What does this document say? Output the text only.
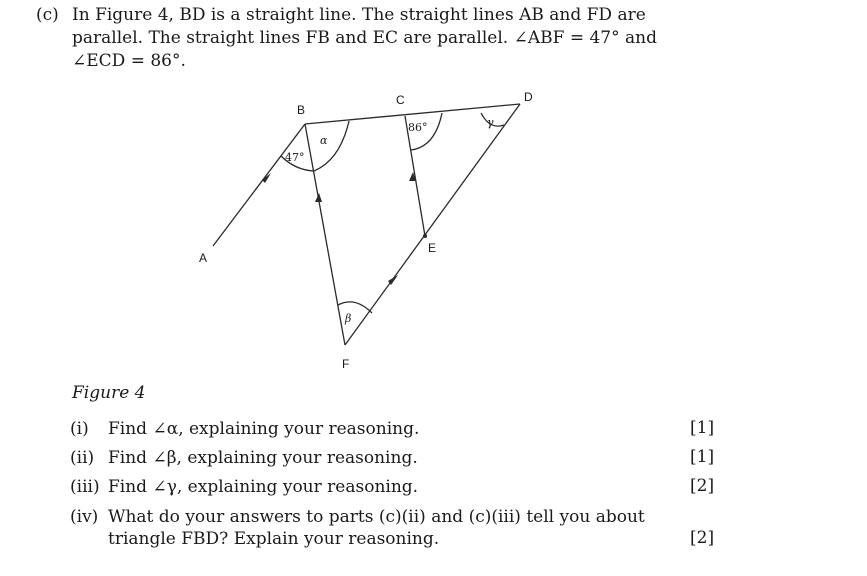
(c) In Figure 4, BD is a straight line. The straight lines AB and FD are
parallel. The straight lines FB and EC are parallel. ∠ABF = 47° and
∠ECD = 86°.
A
B
C	D
E
F
47°
86°
α
β
γ
Figure 4
(i) Find ∠α, explaining your reasoning.	[1]
(ii) Find ∠β, explaining your reasoning.	[1]
(iii) Find ∠γ, explaining your reasoning.	[2]
(iv) What do your answers to parts (c)(ii) and (c)(iii) tell you about
triangle FBD? Explain your reasoning.	[2]
